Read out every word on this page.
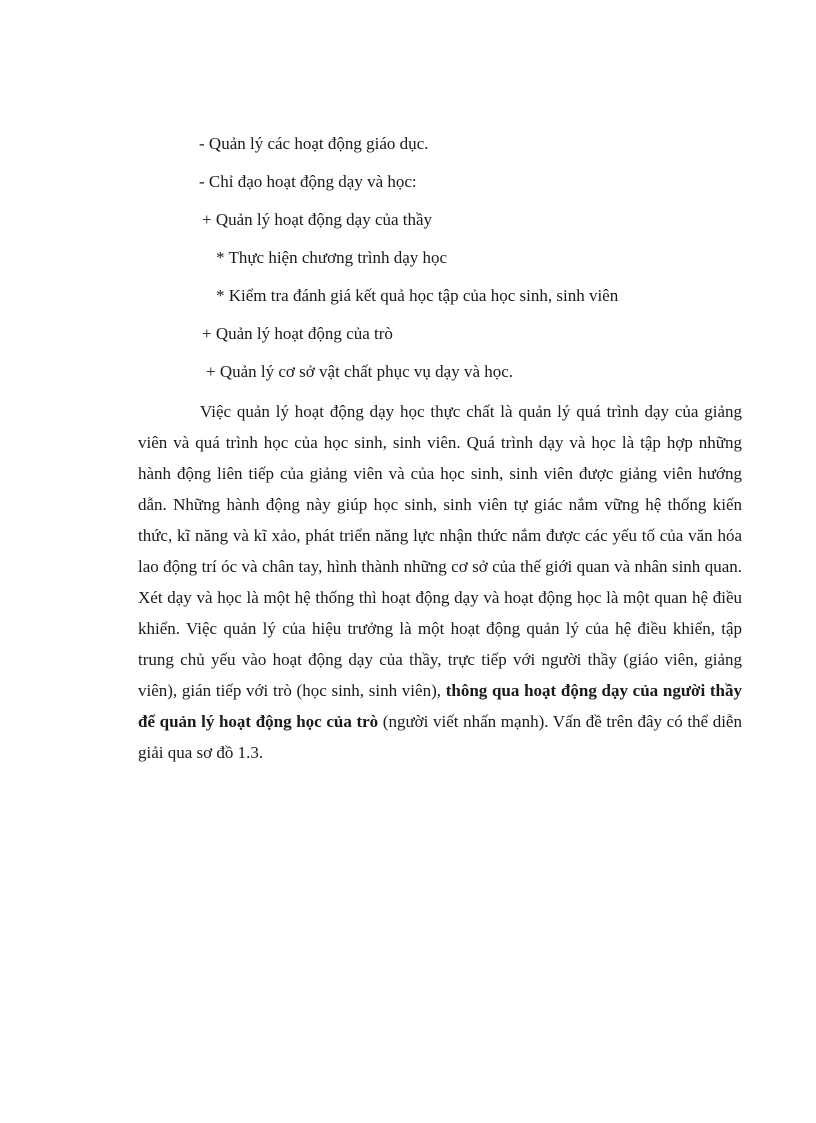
- Quản lý các hoạt động giáo dục.
- Chỉ đạo hoạt động dạy và học:
+ Quản lý hoạt động dạy của thầy
* Thực hiện chương trình dạy học
* Kiểm tra đánh giá kết quả học tập của học sinh, sinh viên
+ Quản lý hoạt động của trò
+ Quản lý cơ sở vật chất phục vụ dạy và học.
Việc quản lý hoạt động dạy học thực chất là quản lý quá trình dạy của giảng viên và quá trình học của học sinh, sinh viên. Quá trình dạy và học là tập hợp những hành động liên tiếp của giảng viên và của học sinh, sinh viên được giảng viên hướng dẫn. Những hành động này giúp học sinh, sinh viên tự giác nắm vững hệ thống kiến thức, kĩ năng và kĩ xảo, phát triển năng lực nhận thức nắm được các yếu tố của văn hóa lao động trí óc và chân tay, hình thành những cơ sở của thế giới quan và nhân sinh quan. Xét dạy và học là một hệ thống thì hoạt động dạy và hoạt động học là một quan hệ điều khiển. Việc quản lý của hiệu trưởng là một hoạt động quản lý của hệ điều khiển, tập trung chủ yếu vào hoạt động dạy của thầy, trực tiếp với người thầy (giáo viên, giảng viên), gián tiếp với trò (học sinh, sinh viên), thông qua hoạt động dạy của người thầy để quản lý hoạt động học của trò (người viết nhấn mạnh). Vấn đề trên đây có thể diễn giải qua sơ đồ 1.3.
